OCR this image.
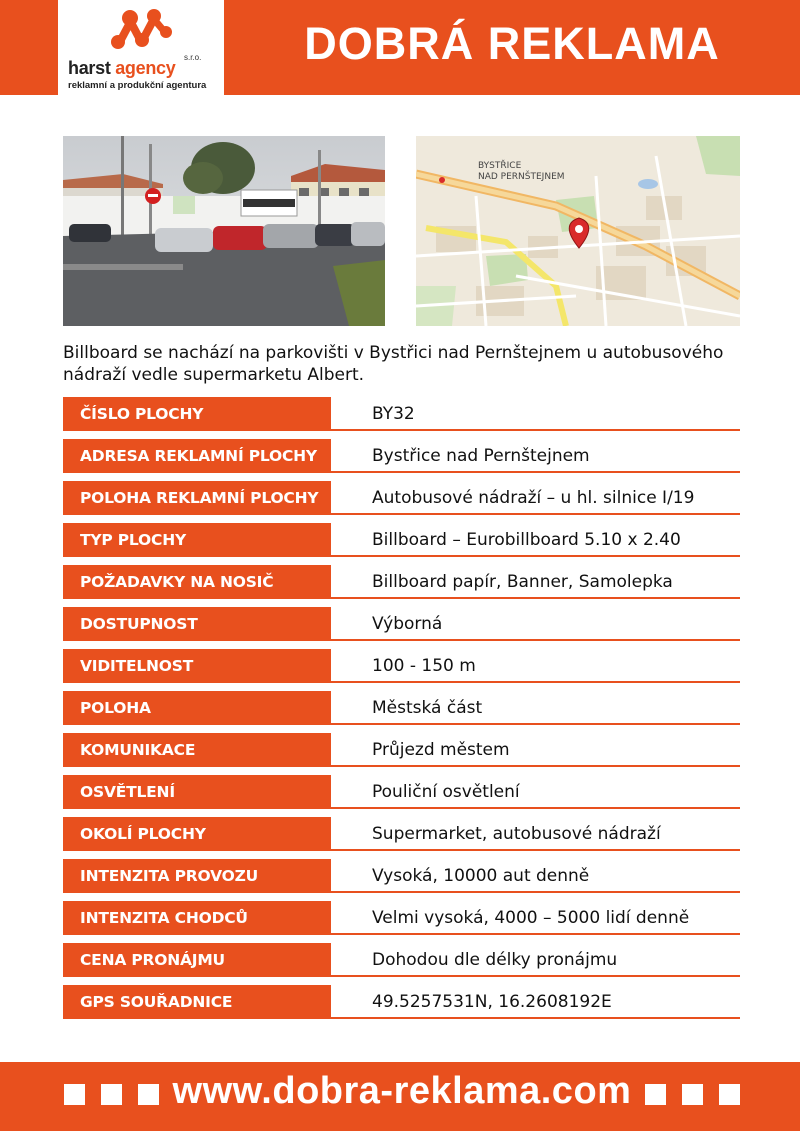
s.r.o.
harst agency
reklamní a produkční agentura
DOBRÁ REKLAMA
BYSTŘICE
NAD PERNŠTEJNEM
Billboard se nachází na parkovišti v Bystřici nad Pernštejnem u autobusového nádraží vedle supermarketu Albert.
ČÍSLO PLOCHY	BY32
ADRESA REKLAMNÍ PLOCHY	Bystřice nad Pernštejnem
POLOHA REKLAMNÍ PLOCHY	Autobusové nádraží – u hl. silnice I/19
TYP PLOCHY	Billboard – Eurobillboard 5.10 x 2.40
POŽADAVKY NA NOSIČ	Billboard papír, Banner, Samolepka
DOSTUPNOST	Výborná
VIDITELNOST	100 - 150 m
POLOHA	Městská část
KOMUNIKACE	Průjezd městem
OSVĚTLENÍ	Pouliční osvětlení
OKOLÍ PLOCHY	Supermarket, autobusové nádraží
INTENZITA PROVOZU	Vysoká, 10000 aut denně
INTENZITA CHODCŮ	Velmi vysoká, 4000 – 5000 lidí denně
CENA PRONÁJMU	Dohodou dle délky pronájmu
GPS SOUŘADNICE	49.5257531N, 16.2608192E
www.dobra-reklama.com
